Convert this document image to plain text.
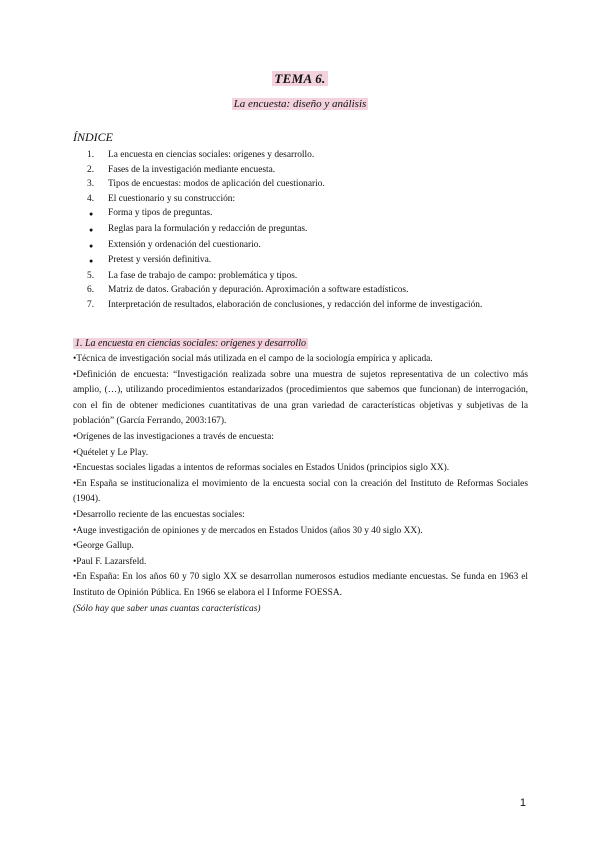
TEMA 6.
La encuesta: diseño y análisis
ÍNDICE
1.	La encuesta en ciencias sociales: orígenes y desarrollo.
2.	Fases de la investigación mediante encuesta.
3.	Tipos de encuestas: modos de aplicación del cuestionario.
4.	El cuestionario y su construcción:
●	Forma y tipos de preguntas.
●	Reglas para la formulación y redacción de preguntas.
●	Extensión y ordenación del cuestionario.
●	Pretest y versión definitiva.
5.	La fase de trabajo de campo: problemática y tipos.
6.	Matriz de datos. Grabación y depuración. Aproximación a software estadísticos.
7.	Interpretación de resultados, elaboración de conclusiones, y redacción del informe de investigación.
1. La encuesta en ciencias sociales: orígenes y desarrollo
•Técnica de investigación social más utilizada en el campo de la sociología empírica y aplicada.
•Definición de encuesta: “Investigación realizada sobre una muestra de sujetos representativa de un colectivo más amplio, (…), utilizando procedimientos estandarizados (procedimientos que sabemos que funcionan) de interrogación, con el fin de obtener mediciones cuantitativas de una gran variedad de características objetivas y subjetivas de la población” (García Ferrando, 2003:167).
•Orígenes de las investigaciones a través de encuesta:
•Quételet y Le Play.
•Encuestas sociales ligadas a intentos de reformas sociales en Estados Unidos (principios siglo XX).
•En España se institucionaliza el movimiento de la encuesta social con la creación del Instituto de Reformas Sociales (1904).
•Desarrollo reciente de las encuestas sociales:
•Auge investigación de opiniones y de mercados en Estados Unidos (años 30 y 40 siglo XX).
•George Gallup.
•Paul F. Lazarsfeld.
•En España: En los años 60 y 70 siglo XX se desarrollan numerosos estudios mediante encuestas. Se funda en 1963 el Instituto de Opinión Pública. En 1966 se elabora el I Informe FOESSA.
(Sólo hay que saber unas cuantas características)
1
